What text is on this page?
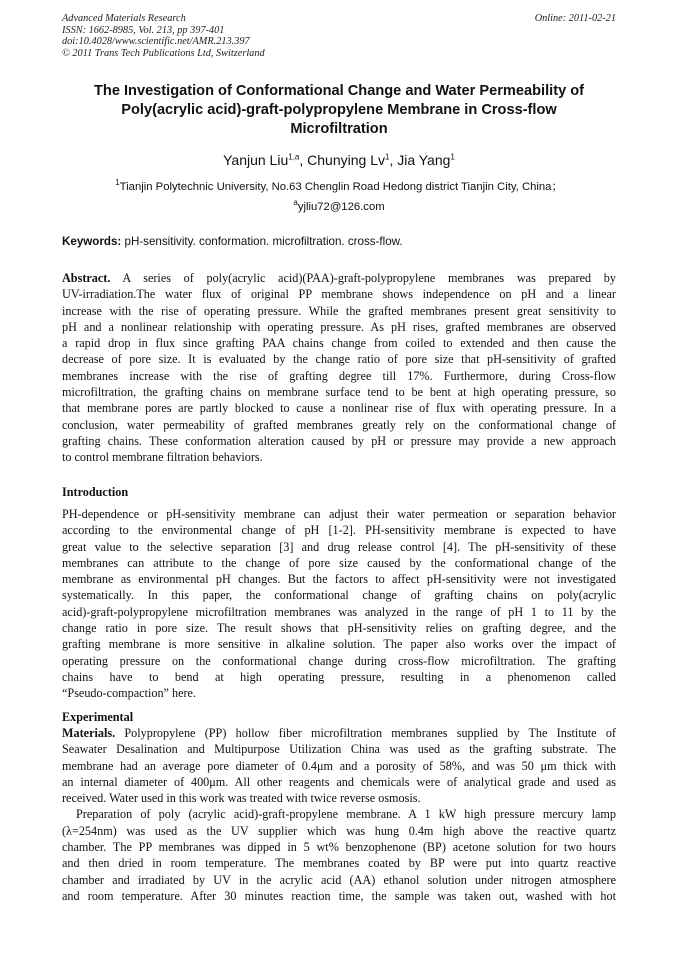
Advanced Materials Research
ISSN: 1662-8985, Vol. 213, pp 397-401
doi:10.4028/www.scientific.net/AMR.213.397
© 2011 Trans Tech Publications Ltd, Switzerland
Online: 2011-02-21
The Investigation of Conformational Change and Water Permeability of
Poly(acrylic acid)-graft-polypropylene Membrane in Cross-flow
Microfiltration
Yanjun Liu$^{1,a}$, Chunying Lv$^1$, Jia Yang$^1$
$^1$Tianjin Polytechnic University, No.63 Chenglin Road Hedong district Tianjin City, China；
$^a$yjliu72@126.com
Keywords: pH-sensitivity. conformation. microfiltration. cross-flow.
Abstract. A series of poly(acrylic acid)(PAA)-graft-polypropylene membranes was prepared by
UV-irradiation.The water flux of original PP membrane shows independence on pH and a linear
increase with the rise of operating pressure. While the grafted membranes present great sensitivity to
pH and a nonlinear relationship with operating pressure. As pH rises, grafted membranes are observed
a rapid drop in flux since grafting PAA chains change from coiled to extended and then cause the
decrease of pore size. It is evaluated by the change ratio of pore size that pH-sensitivity of grafted
membranes increase with the rise of grafting degree till 17%. Furthermore, during Cross-flow
microfiltration, the grafting chains on membrane surface tend to be bent at high operating pressure, so
that membrane pores are partly blocked to cause a nonlinear rise of flux with operating pressure. In a
conclusion, water permeability of grafted membranes greatly rely on the conformational change of
grafting chains. These conformation alteration caused by pH or pressure may provide a new approach
to control membrane filtration behaviors.
Introduction
PH-dependence or pH-sensitivity membrane can adjust their water permeation or separation behavior
according to the environmental change of pH [1-2]. PH-sensitivity membrane is expected to have
great value to the selective separation [3] and drug release control [4]. The pH-sensitivity of these
membranes can attribute to the change of pore size caused by the conformational change of the
membrane as environmental pH changes. But the factors to affect pH-sensitivity were not investigated
systematically. In this paper, the conformational change of grafting chains on poly(acrylic
acid)-graft-polypropylene microfiltration membranes was analyzed in the range of pH 1 to 11 by the
change ratio in pore size. The result shows that pH-sensitivity relies on grafting degree, and the
grafting membrane is more sensitive in alkaline solution. The paper also works over the impact of
operating pressure on the conformational change during cross-flow microfiltration. The grafting
chains have to bend at high operating pressure, resulting in a phenomenon called
“Pseudo-compaction” here.
Experimental
Materials. Polypropylene (PP) hollow fiber microfiltration membranes supplied by The Institute of
Seawater Desalination and Multipurpose Utilization China was used as the grafting substrate. The
membrane had an average pore diameter of 0.4μm and a porosity of 58%, and was 50 μm thick with
an internal diameter of 400μm. All other reagents and chemicals were of analytical grade and used as
received. Water used in this work was treated with twice reverse osmosis.
Preparation of poly (acrylic acid)-graft-propylene membrane. A 1 kW high pressure mercury lamp
(λ=254nm) was used as the UV supplier which was hung 0.4m high above the reactive quartz
chamber. The PP membranes was dipped in 5 wt% benzophenone (BP) acetone solution for two hours
and then dried in room temperature. The membranes coated by BP were put into quartz reactive
chamber and irradiated by UV in the acrylic acid (AA) ethanol solution under nitrogen atmosphere
and room temperature. After 30 minutes reaction time, the sample was taken out, washed with hot
